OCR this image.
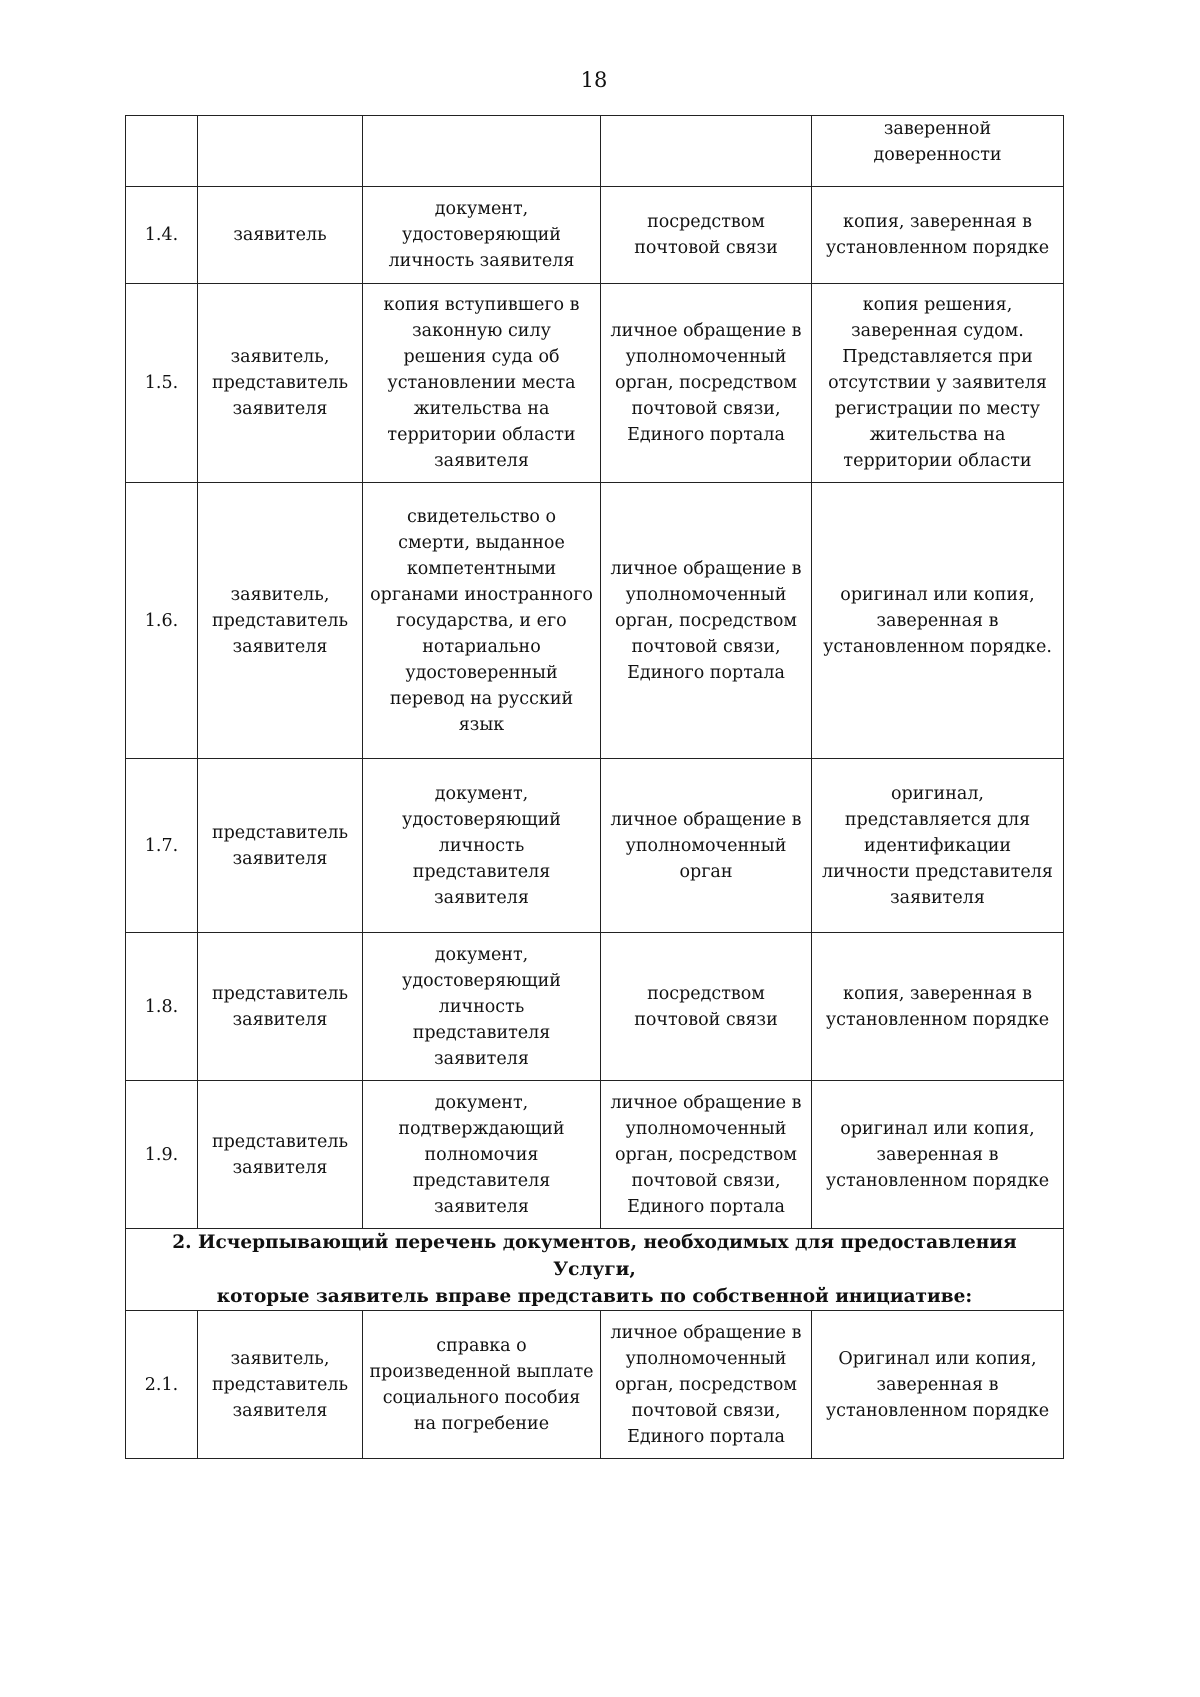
18
				заверенной доверенности
1.4.	заявитель	документ, удостоверяющий личность заявителя	посредством почтовой связи	копия, заверенная в установленном порядке
1.5.	заявитель, представитель заявителя	копия вступившего в законную силу решения суда об установлении места жительства на территории области заявителя	личное обращение в уполномоченный орган, посредством почтовой связи, Единого портала	копия решения, заверенная судом. Представляется при отсутствии у заявителя регистрации по месту жительства на территории области
1.6.	заявитель, представитель заявителя	свидетельство о смерти, выданное компетентными органами иностранного государства, и его нотариально удостоверенный перевод на русский язык	личное обращение в уполномоченный орган, посредством почтовой связи, Единого портала	оригинал или копия, заверенная в установленном порядке.
1.7.	представитель заявителя	документ, удостоверяющий личность представителя заявителя	личное обращение в уполномоченный орган	оригинал, представляется для идентификации личности представителя заявителя
1.8.	представитель заявителя	документ, удостоверяющий личность представителя заявителя	посредством почтовой связи	копия, заверенная в установленном порядке
1.9.	представитель заявителя	документ, подтверждающий полномочия представителя заявителя	личное обращение в уполномоченный орган, посредством почтовой связи, Единого портала	оригинал или копия, заверенная в установленном порядке

2. Исчерпывающий перечень документов, необходимых для предоставления Услуги,
которые заявитель вправе представить по собственной инициативе:				

2.1.	заявитель, представитель заявителя	справка о произведенной выплате социального пособия на погребение	личное обращение в уполномоченный орган, посредством почтовой связи, Единого портала	Оригинал или копия, заверенная в установленном порядке
